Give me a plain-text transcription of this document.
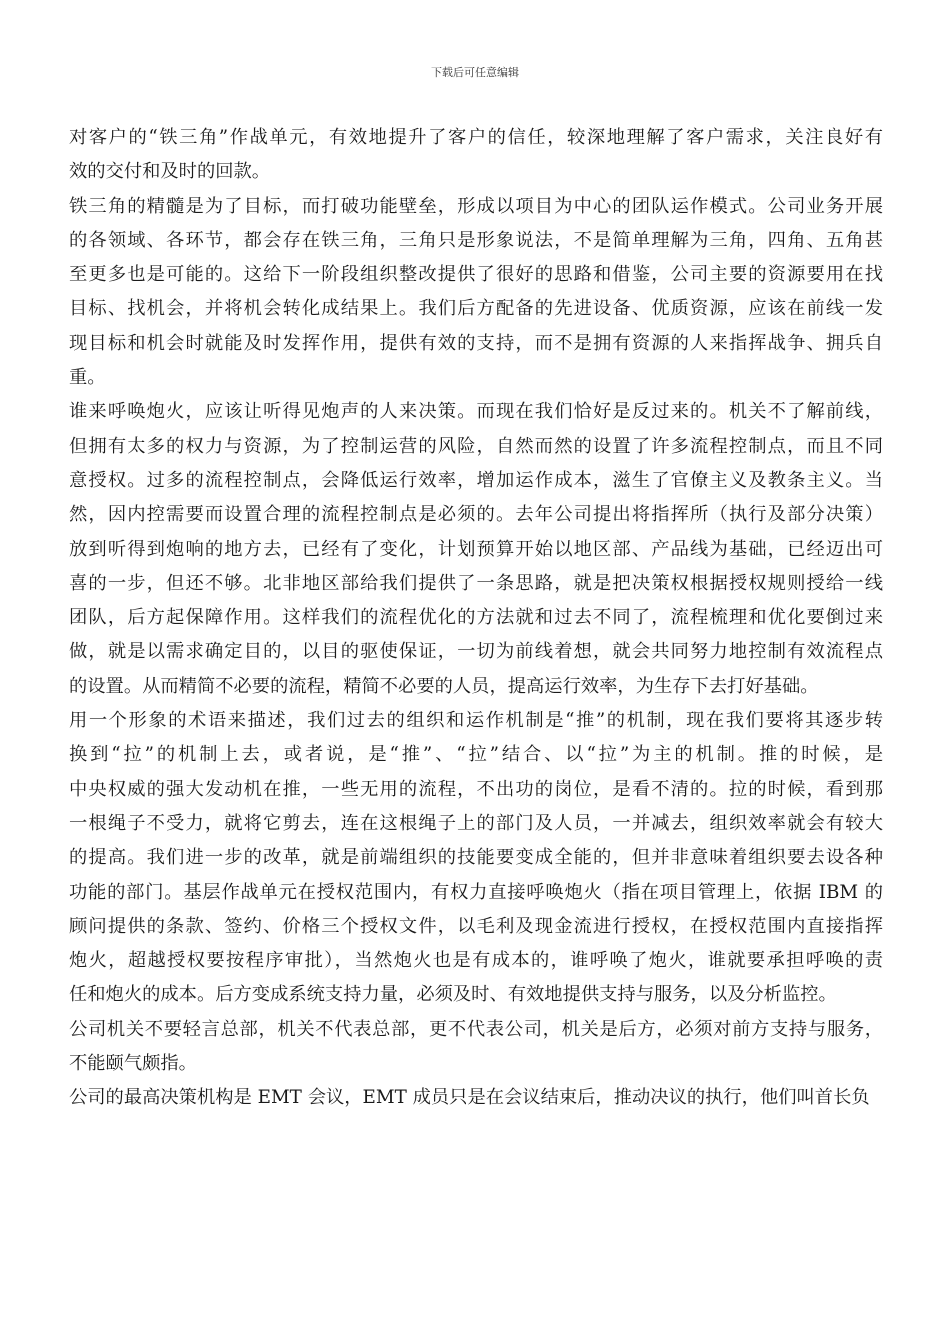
下载后可任意编辑
对客户的“铁三角”作战单元，有效地提升了客户的信任，较深地理解了客户需求，关注良好有
效的交付和及时的回款。
铁三角的精髓是为了目标，而打破功能壁垒，形成以项目为中心的团队运作模式。公司业务开展
的各领域、各环节，都会存在铁三角，三角只是形象说法，不是简单理解为三角，四角、五角甚
至更多也是可能的。这给下一阶段组织整改提供了很好的思路和借鉴，公司主要的资源要用在找
目标、找机会，并将机会转化成结果上。我们后方配备的先进设备、优质资源，应该在前线一发
现目标和机会时就能及时发挥作用，提供有效的支持，而不是拥有资源的人来指挥战争、拥兵自
重。
谁来呼唤炮火，应该让听得见炮声的人来决策。而现在我们恰好是反过来的。机关不了解前线，
但拥有太多的权力与资源，为了控制运营的风险，自然而然的设置了许多流程控制点，而且不同
意授权。过多的流程控制点，会降低运行效率，增加运作成本，滋生了官僚主义及教条主义。当
然，因内控需要而设置合理的流程控制点是必须的。去年公司提出将指挥所（执行及部分决策）
放到听得到炮响的地方去，已经有了变化，计划预算开始以地区部、产品线为基础，已经迈出可
喜的一步，但还不够。北非地区部给我们提供了一条思路，就是把决策权根据授权规则授给一线
团队，后方起保障作用。这样我们的流程优化的方法就和过去不同了，流程梳理和优化要倒过来
做，就是以需求确定目的，以目的驱使保证，一切为前线着想，就会共同努力地控制有效流程点
的设置。从而精简不必要的流程，精简不必要的人员，提高运行效率，为生存下去打好基础。
用一个形象的术语来描述，我们过去的组织和运作机制是“推”的机制，现在我们要将其逐步转
换到“拉”的机制上去，或者说，是“推”、“拉”结合、以“拉”为主的机制。推的时候，是
中央权威的强大发动机在推，一些无用的流程，不出功的岗位，是看不清的。拉的时候，看到那
一根绳子不受力，就将它剪去，连在这根绳子上的部门及人员，一并减去，组织效率就会有较大
的提高。我们进一步的改革，就是前端组织的技能要变成全能的，但并非意味着组织要去设各种
功能的部门。基层作战单元在授权范围内，有权力直接呼唤炮火（指在项目管理上，依据 IBM 的
顾问提供的条款、签约、价格三个授权文件，以毛利及现金流进行授权，在授权范围内直接指挥
炮火，超越授权要按程序审批），当然炮火也是有成本的，谁呼唤了炮火，谁就要承担呼唤的责
任和炮火的成本。后方变成系统支持力量，必须及时、有效地提供支持与服务，以及分析监控。
公司机关不要轻言总部，机关不代表总部，更不代表公司，机关是后方，必须对前方支持与服务，
不能颐气颇指。
公司的最高决策机构是 EMT 会议，EMT 成员只是在会议结束后，推动决议的执行，他们叫首长负
